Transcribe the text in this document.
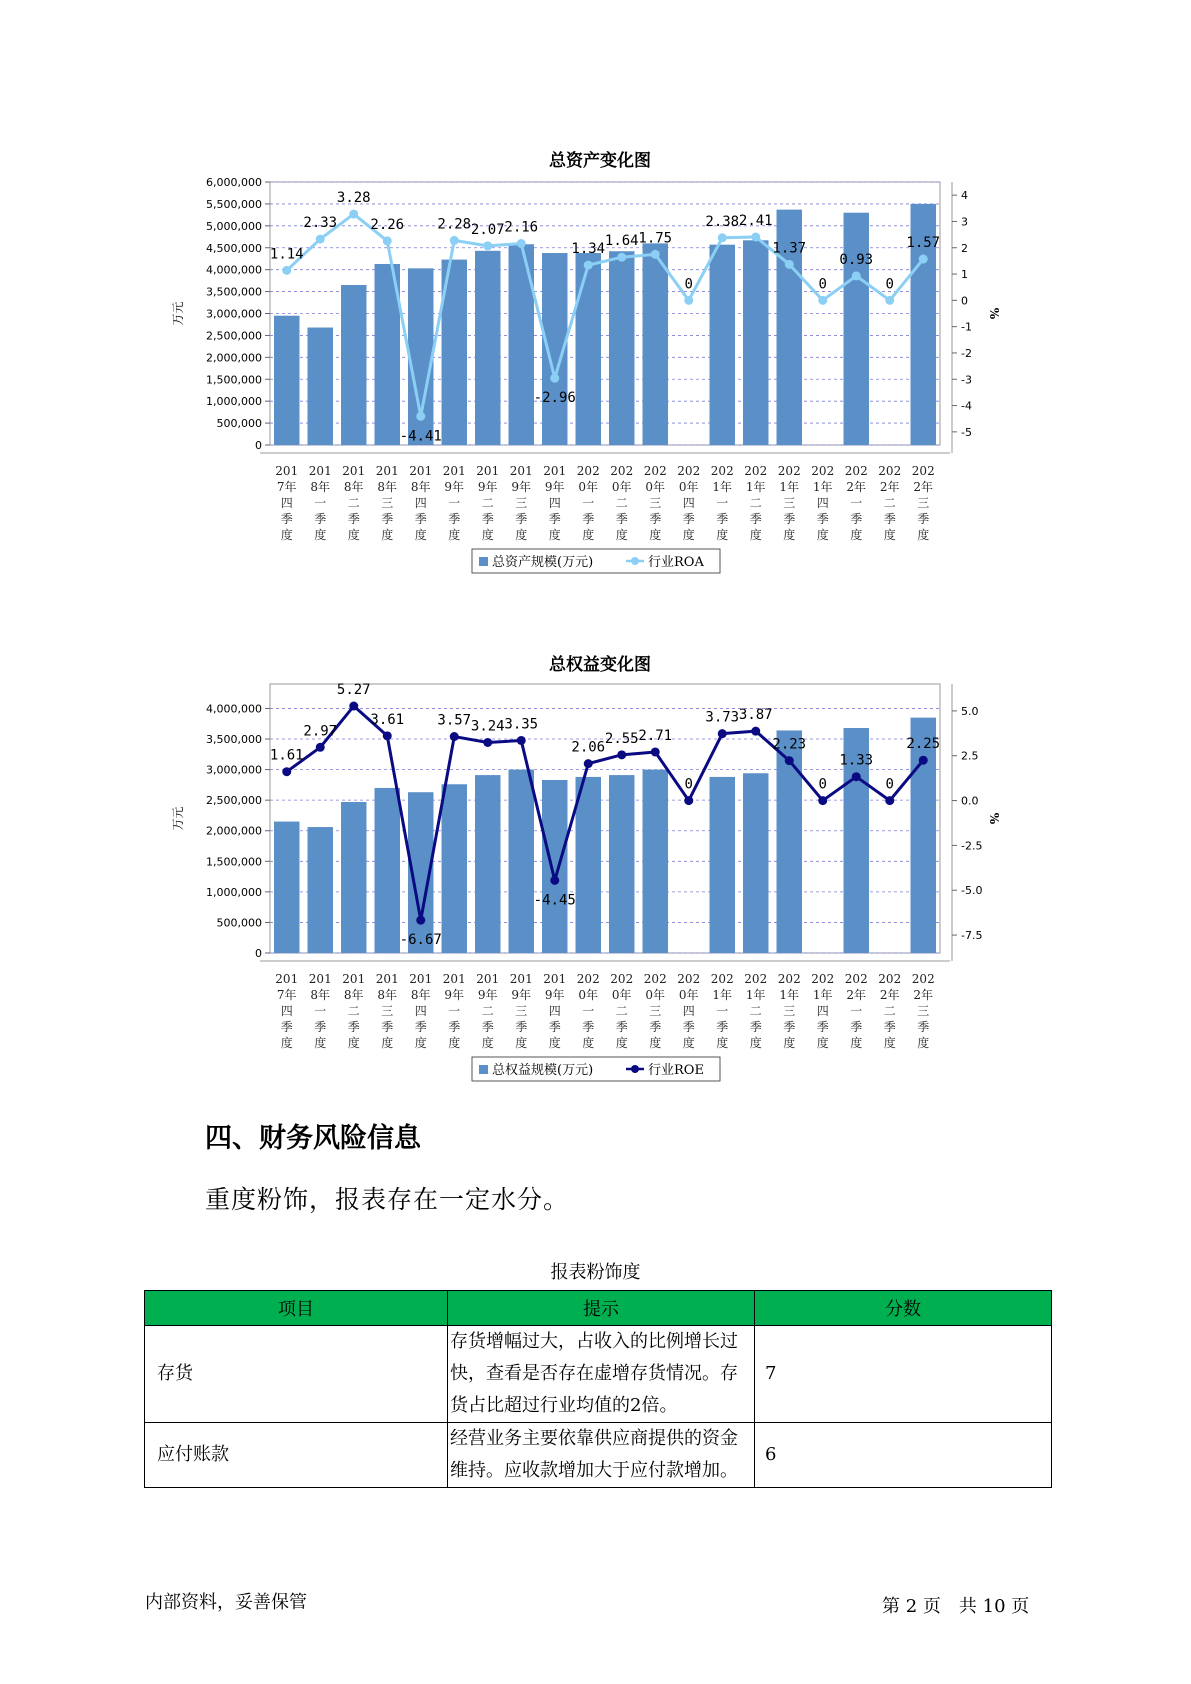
总资产变化图
0
500,000
1,000,000
1,500,000
2,000,000
2,500,000
3,000,000
3,500,000
4,000,000
4,500,000
5,000,000
5,500,000
6,000,000
4
3
2
1
0
-1
-2
-3
-4
-5
万元	%
201 7年四季度
201 8年一季度
201 8年二季度
201 8年三季度
201 8年四季度
201 9年一季度
201 9年二季度
201 9年三季度
201 9年四季度
202 0年一季度
202 0年二季度
202 0年三季度
202 0年四季度
202 1年一季度
202 1年二季度
202 1年三季度
202 1年四季度
202 2年一季度
202 2年二季度
202 2年三季度
1.14
2.33
3.28
2.26
-4.41
2.28 2.07 2.16
-2.96
1.34 1.64 1.75
0
2.38 2.41
1.37
0
0.93
0
1.57
总资产规模(万元)	行业ROA
总权益变化图
0
500,000
1,000,000
1,500,000
2,000,000
2,500,000
3,000,000
3,500,000
4,000,000	5.0
2.5
0.0
-2.5
-5.0
-7.5
万元	%
201 7年四季度
201 8年一季度
201 8年二季度
201 8年三季度
201 8年四季度
201 9年一季度
201 9年二季度
201 9年三季度
201 9年四季度
202 0年一季度
202 0年二季度
202 0年三季度
202 0年四季度
202 1年一季度
202 1年二季度
202 1年三季度
202 1年四季度
202 2年一季度
202 2年二季度
202 2年三季度
1.61
2.97
5.27
3.61
-6.67
3.57 3.24 3.35
-4.45
2.06
2.55 2.71
0
3.73 3.87
2.23
0
1.33
0
2.25
总权益规模(万元)	行业ROE
四、财务风险信息
重度粉饰，报表存在一定水分。
报表粉饰度
项目	提示	分数
存货	存货增幅过大，占收入的比例增长过快，查看是否存在虚增存货情况。存货占比超过行业均值的2倍。	7
应付账款	经营业务主要依靠供应商提供的资金维持。应收款增加大于应付款增加。	6
内部资料，妥善保管	第 2 页　共 10 页
